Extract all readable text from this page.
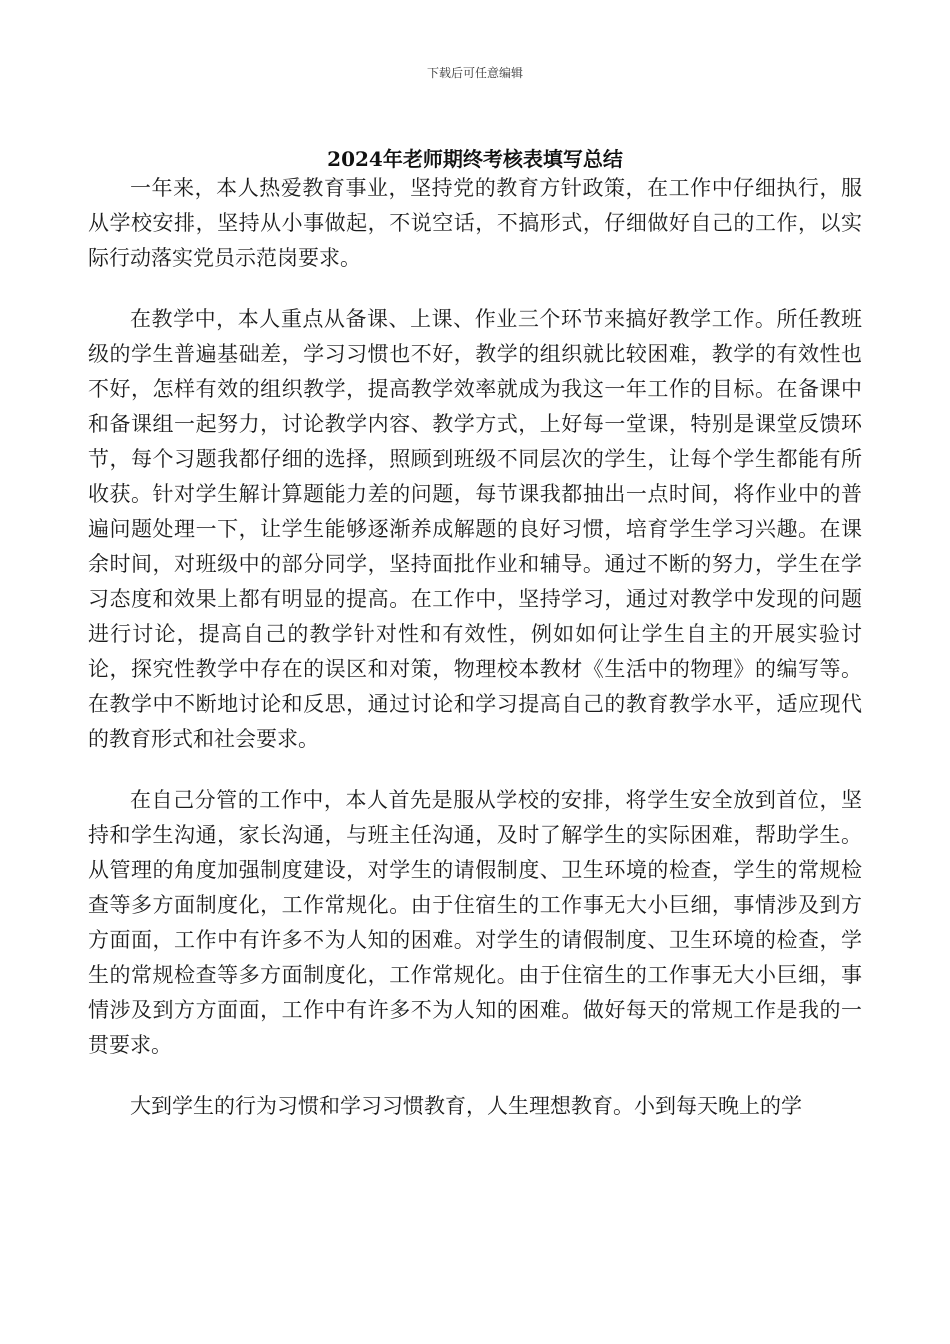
下载后可任意编辑
2024年老师期终考核表填写总结

一年来，本人热爱教育事业，坚持党的教育方针政策，在工作中仔细执行，服从学校安排，坚持从小事做起，不说空话，不搞形式，仔细做好自己的工作，以实际行动落实党员示范岗要求。

在教学中，本人重点从备课、上课、作业三个环节来搞好教学工作。所任教班级的学生普遍基础差，学习习惯也不好，教学的组织就比较困难，教学的有效性也不好，怎样有效的组织教学，提高教学效率就成为我这一年工作的目标。在备课中和备课组一起努力，讨论教学内容、教学方式，上好每一堂课，特别是课堂反馈环节，每个习题我都仔细的选择，照顾到班级不同层次的学生，让每个学生都能有所收获。针对学生解计算题能力差的问题，每节课我都抽出一点时间，将作业中的普遍问题处理一下，让学生能够逐渐养成解题的良好习惯，培育学生学习兴趣。在课余时间，对班级中的部分同学，坚持面批作业和辅导。通过不断的努力，学生在学习态度和效果上都有明显的提高。在工作中，坚持学习，通过对教学中发现的问题进行讨论，提高自己的教学针对性和有效性，例如如何让学生自主的开展实验讨论，探究性教学中存在的误区和对策，物理校本教材《生活中的物理》的编写等。在教学中不断地讨论和反思，通过讨论和学习提高自己的教育教学水平，适应现代的教育形式和社会要求。

在自己分管的工作中，本人首先是服从学校的安排，将学生安全放到首位，坚持和学生沟通，家长沟通，与班主任沟通，及时了解学生的实际困难，帮助学生。从管理的角度加强制度建设，对学生的请假制度、卫生环境的检查，学生的常规检查等多方面制度化，工作常规化。由于住宿生的工作事无大小巨细，事情涉及到方方面面，工作中有许多不为人知的困难。对学生的请假制度、卫生环境的检查，学生的常规检查等多方面制度化，工作常规化。由于住宿生的工作事无大小巨细，事情涉及到方方面面，工作中有许多不为人知的困难。做好每天的常规工作是我的一贯要求。

大到学生的行为习惯和学习习惯教育，人生理想教育。小到每天晚上的学
